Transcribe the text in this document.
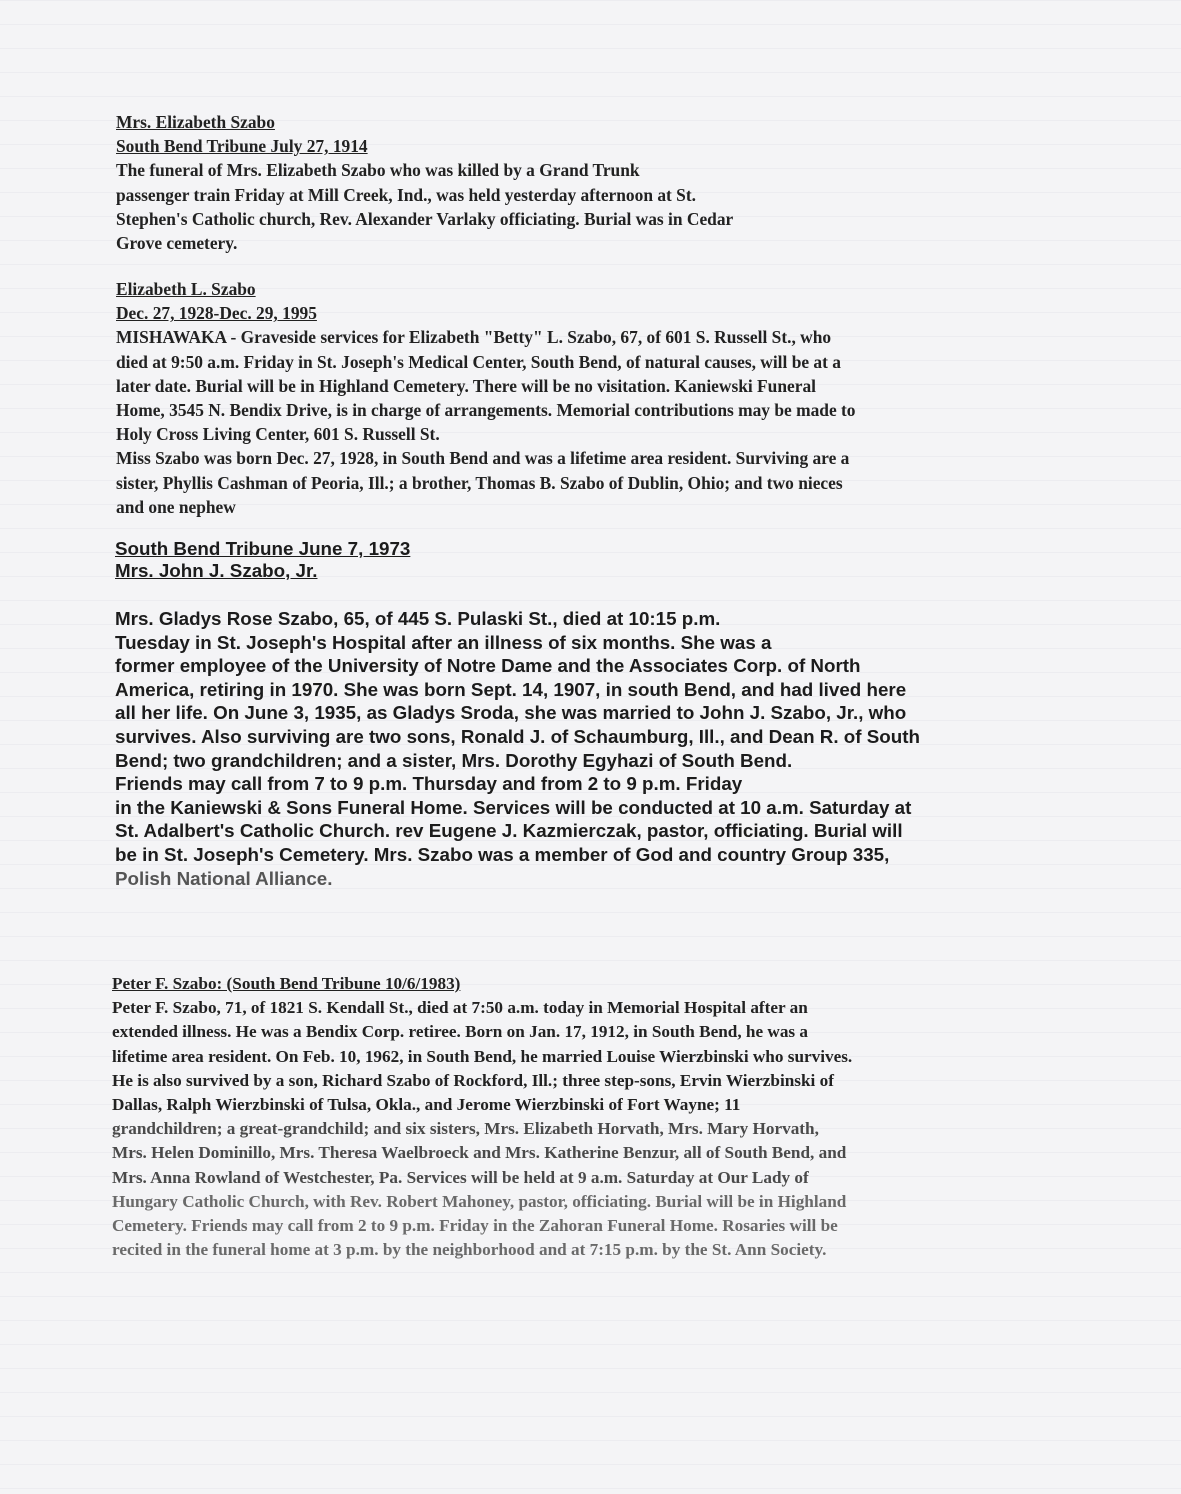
Mrs. Elizabeth Szabo
South Bend Tribune July 27, 1914
The funeral of Mrs. Elizabeth Szabo who was killed by a Grand Trunk
passenger train Friday at Mill Creek, Ind., was held yesterday afternoon at St.
Stephen's Catholic church, Rev. Alexander Varlaky officiating. Burial was in Cedar
Grove cemetery.
Elizabeth L. Szabo
Dec. 27, 1928-Dec. 29, 1995
MISHAWAKA - Graveside services for Elizabeth "Betty" L. Szabo, 67, of 601 S. Russell St., who
died at 9:50 a.m. Friday in St. Joseph's Medical Center, South Bend, of natural causes, will be at a
later date. Burial will be in Highland Cemetery. There will be no visitation. Kaniewski Funeral
Home, 3545 N. Bendix Drive, is in charge of arrangements. Memorial contributions may be made to
Holy Cross Living Center, 601 S. Russell St.
Miss Szabo was born Dec. 27, 1928, in South Bend and was a lifetime area resident. Surviving are a
sister, Phyllis Cashman of Peoria, Ill.; a brother, Thomas B. Szabo of Dublin, Ohio; and two nieces
and one nephew
South Bend Tribune June 7, 1973
Mrs. John J. Szabo, Jr.
Mrs. Gladys Rose Szabo, 65, of 445 S. Pulaski St., died at 10:15 p.m.
Tuesday in St. Joseph's Hospital after an illness of six months. She was a
former employee of the University of Notre Dame and the Associates Corp. of North
America, retiring in 1970. She was born Sept. 14, 1907, in south Bend, and had lived here
all her life. On June 3, 1935, as Gladys Sroda, she was married to John J. Szabo, Jr., who
survives. Also surviving are two sons, Ronald J. of Schaumburg, Ill., and Dean R. of South
Bend; two grandchildren; and a sister, Mrs. Dorothy Egyhazi of South Bend.
Friends may call from 7 to 9 p.m. Thursday and from 2 to 9 p.m. Friday
in the Kaniewski & Sons Funeral Home. Services will be conducted at 10 a.m. Saturday at
St. Adalbert's Catholic Church. rev Eugene J. Kazmierczak, pastor, officiating. Burial will
be in St. Joseph's Cemetery. Mrs. Szabo was a member of God and country Group 335,
Polish National Alliance.
Peter F. Szabo: (South Bend Tribune 10/6/1983)
Peter F. Szabo, 71, of 1821 S. Kendall St., died at 7:50 a.m. today in Memorial Hospital after an
extended illness. He was a Bendix Corp. retiree. Born on Jan. 17, 1912, in South Bend, he was a
lifetime area resident. On Feb. 10, 1962, in South Bend, he married Louise Wierzbinski who survives.
He is also survived by a son, Richard Szabo of Rockford, Ill.; three step-sons, Ervin Wierzbinski of
Dallas, Ralph Wierzbinski of Tulsa, Okla., and Jerome Wierzbinski of Fort Wayne; 11
grandchildren; a great-grandchild; and six sisters, Mrs. Elizabeth Horvath, Mrs. Mary Horvath,
Mrs. Helen Dominillo, Mrs. Theresa Waelbroeck and Mrs. Katherine Benzur, all of South Bend, and
Mrs. Anna Rowland of Westchester, Pa. Services will be held at 9 a.m. Saturday at Our Lady of
Hungary Catholic Church, with Rev. Robert Mahoney, pastor, officiating. Burial will be in Highland
Cemetery. Friends may call from 2 to 9 p.m. Friday in the Zahoran Funeral Home. Rosaries will be
recited in the funeral home at 3 p.m. by the neighborhood and at 7:15 p.m. by the St. Ann Society.
